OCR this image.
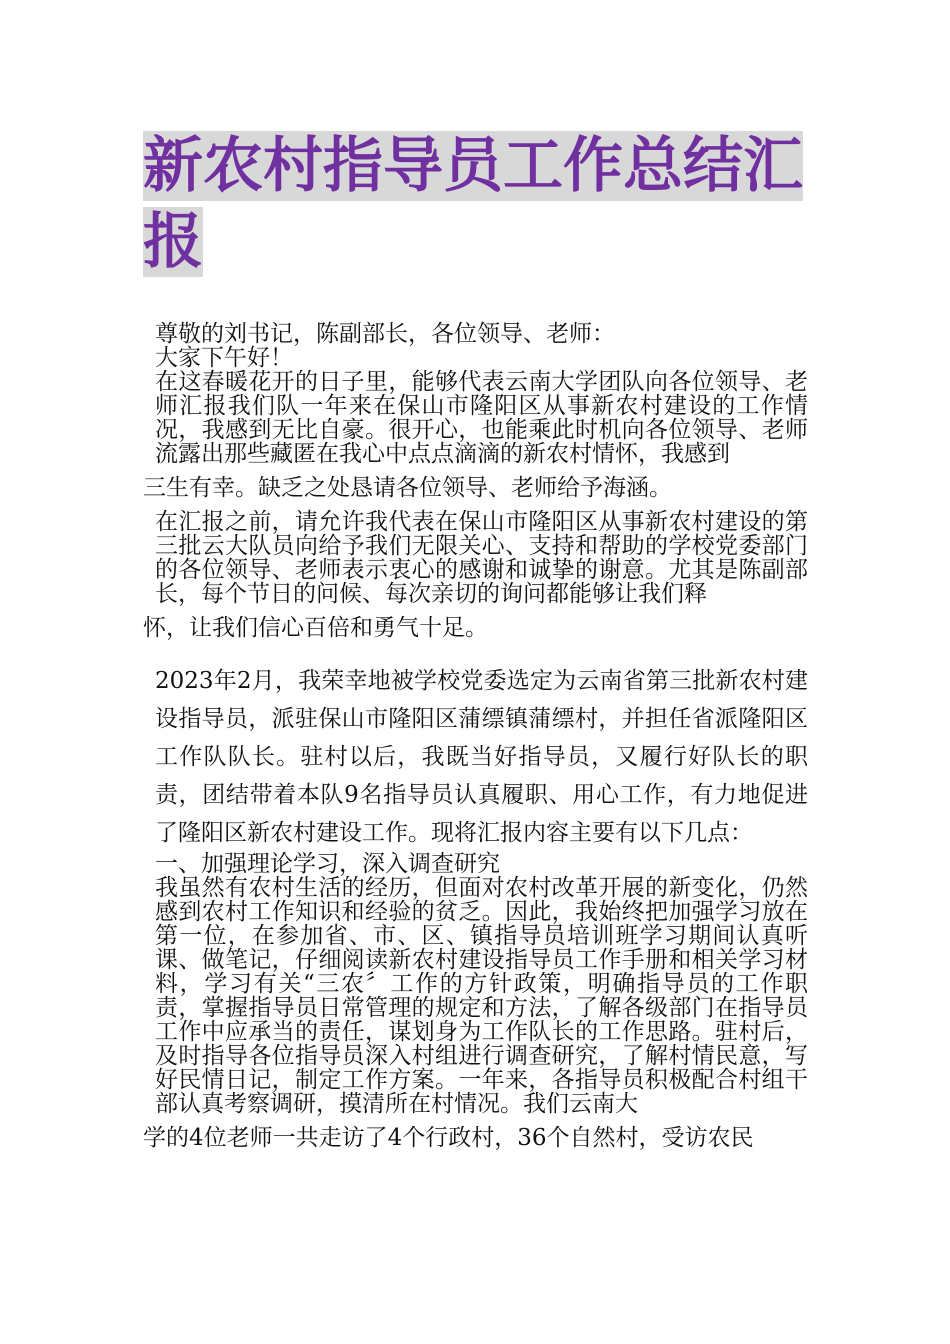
新农村指导员工作总结汇报

尊敬的刘书记，陈副部长，各位领导、老师：

大家下午好！

在这春暖花开的日子里，能够代表云南大学团队向各位领导、老师汇报我们队一年来在保山市隆阳区从事新农村建设的工作情况，我感到无比自豪。很开心，也能乘此时机向各位领导、老师流露出那些藏匿在我心中点点滴滴的新农村情怀，我感到

三生有幸。缺乏之处恳请各位领导、老师给予海涵。

在汇报之前，请允许我代表在保山市隆阳区从事新农村建设的第三批云大队员向给予我们无限关心、支持和帮助的学校党委部门的各位领导、老师表示衷心的感谢和诚挚的谢意。尤其是陈副部长，每个节日的问候、每次亲切的询问都能够让我们释

怀，让我们信心百倍和勇气十足。

2023年2月，我荣幸地被学校党委选定为云南省第三批新农村建设指导员，派驻保山市隆阳区蒲缥镇蒲缥村，并担任省派隆阳区工作队队长。驻村以后，我既当好指导员，又履行好队长的职责，团结带着本队9名指导员认真履职、用心工作，有力地促进了隆阳区新农村建设工作。现将汇报内容主要有以下几点：

一、加强理论学习，深入调查研究

我虽然有农村生活的经历，但面对农村改革开展的新变化，仍然感到农村工作知识和经验的贫乏。因此，我始终把加强学习放在第一位，在参加省、市、区、镇指导员培训班学习期间认真听课、做笔记，仔细阅读新农村建设指导员工作手册和相关学习材料，学习有关“三农〞工作的方针政策，明确指导员的工作职责，掌握指导员日常管理的规定和方法，了解各级部门在指导员工作中应承当的责任，谋划身为工作队长的工作思路。驻村后，及时指导各位指导员深入村组进行调查研究，了解村情民意，写好民情日记，制定工作方案。一年来，各指导员积极配合村组干部认真考察调研，摸清所在村情况。我们云南大

学的4位老师一共走访了4个行政村，36个自然村，受访农民
